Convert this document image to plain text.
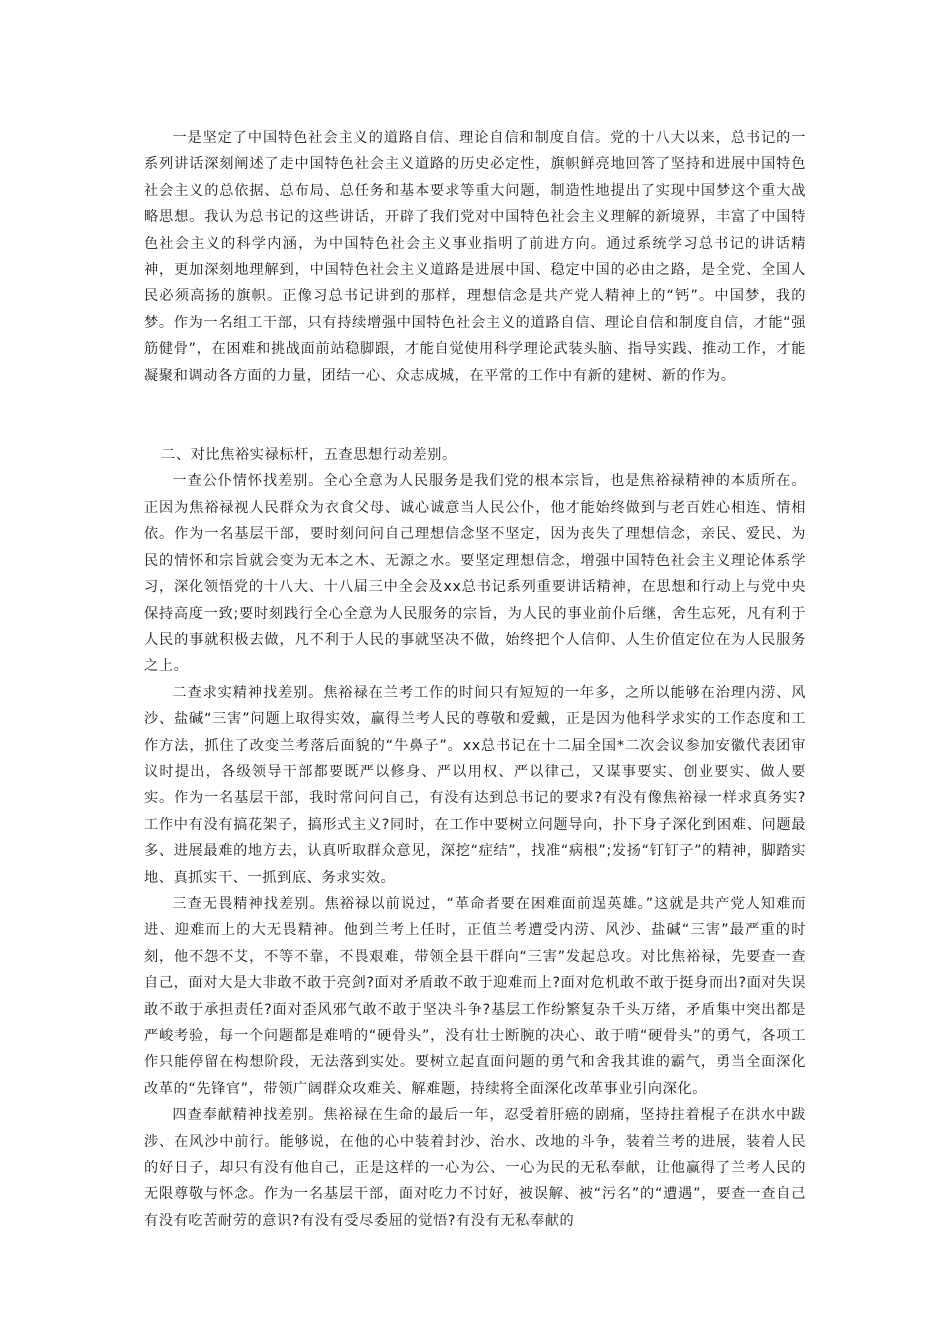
一是坚定了中国特色社会主义的道路自信、理论自信和制度自信。党的十八大以来，总书记的一系列讲话深刻阐述了走中国特色社会主义道路的历史必定性，旗帜鲜亮地回答了坚持和进展中国特色社会主义的总依据、总布局、总任务和基本要求等重大问题，制造性地提出了实现中国梦这个重大战略思想。我认为总书记的这些讲话，开辟了我们党对中国特色社会主义理解的新境界，丰富了中国特色社会主义的科学内涵，为中国特色社会主义事业指明了前进方向。通过系统学习总书记的讲话精神，更加深刻地理解到，中国特色社会主义道路是进展中国、稳定中国的必由之路，是全党、全国人民必须高扬的旗帜。正像习总书记讲到的那样，理想信念是共产党人精神上的“钙”。中国梦，我的梦。作为一名组工干部，只有持续增强中国特色社会主义的道路自信、理论自信和制度自信，才能“强筋健骨”，在困难和挑战面前站稳脚跟，才能自觉使用科学理论武装头脑、指导实践、推动工作，才能凝聚和调动各方面的力量，团结一心、众志成城，在平常的工作中有新的建树、新的作为。

二、对比焦裕实禄标杆，五查思想行动差别。

一查公仆情怀找差别。全心全意为人民服务是我们党的根本宗旨，也是焦裕禄精神的本质所在。正因为焦裕禄视人民群众为衣食父母、诚心诚意当人民公仆，他才能始终做到与老百姓心相连、情相依。作为一名基层干部，要时刻问问自己理想信念坚不坚定，因为丧失了理想信念，亲民、爱民、为民的情怀和宗旨就会变为无本之木、无源之水。要坚定理想信念，增强中国特色社会主义理论体系学习，深化领悟党的十八大、十八届三中全会及xx总书记系列重要讲话精神，在思想和行动上与党中央保持高度一致;要时刻践行全心全意为人民服务的宗旨，为人民的事业前仆后继，舍生忘死，凡有利于人民的事就积极去做，凡不利于人民的事就坚决不做，始终把个人信仰、人生价值定位在为人民服务之上。

二查求实精神找差别。焦裕禄在兰考工作的时间只有短短的一年多，之所以能够在治理内涝、风沙、盐碱“三害”问题上取得实效，赢得兰考人民的尊敬和爱戴，正是因为他科学求实的工作态度和工作方法，抓住了改变兰考落后面貌的“牛鼻子”。xx总书记在十二届全国*二次会议参加安徽代表团审议时提出，各级领导干部都要既严以修身、严以用权、严以律己，又谋事要实、创业要实、做人要实。作为一名基层干部，我时常问问自己，有没有达到总书记的要求?有没有像焦裕禄一样求真务实?工作中有没有搞花架子，搞形式主义?同时，在工作中要树立问题导向，扑下身子深化到困难、问题最多、进展最难的地方去，认真听取群众意见，深挖“症结”，找准“病根”;发扬“钉钉子”的精神，脚踏实地、真抓实干、一抓到底、务求实效。

三查无畏精神找差别。焦裕禄以前说过，“革命者要在困难面前逞英雄。”这就是共产党人知难而进、迎难而上的大无畏精神。他到兰考上任时，正值兰考遭受内涝、风沙、盐碱“三害”最严重的时刻，他不怨不艾，不等不靠，不畏艰难，带领全县干群向“三害”发起总攻。对比焦裕禄，先要查一查自己，面对大是大非敢不敢于亮剑?面对矛盾敢不敢于迎难而上?面对危机敢不敢于挺身而出?面对失误敢不敢于承担责任?面对歪风邪气敢不敢于坚决斗争?基层工作纷繁复杂千头万绪，矛盾集中突出都是严峻考验，每一个问题都是难啃的“硬骨头”，没有壮士断腕的决心、敢于啃“硬骨头”的勇气，各项工作只能停留在构想阶段，无法落到实处。要树立起直面问题的勇气和舍我其谁的霸气，勇当全面深化改革的“先锋官”，带领广阔群众攻难关、解难题，持续将全面深化改革事业引向深化。

四查奉献精神找差别。焦裕禄在生命的最后一年，忍受着肝癌的剧痛，坚持拄着棍子在洪水中跋涉、在风沙中前行。能够说，在他的心中装着封沙、治水、改地的斗争，装着兰考的进展，装着人民的好日子，却只有没有他自己，正是这样的一心为公、一心为民的无私奉献，让他赢得了兰考人民的无限尊敬与怀念。作为一名基层干部，面对吃力不讨好，被误解、被“污名”的“遭遇”，要查一查自己有没有吃苦耐劳的意识?有没有受尽委屈的觉悟?有没有无私奉献的
